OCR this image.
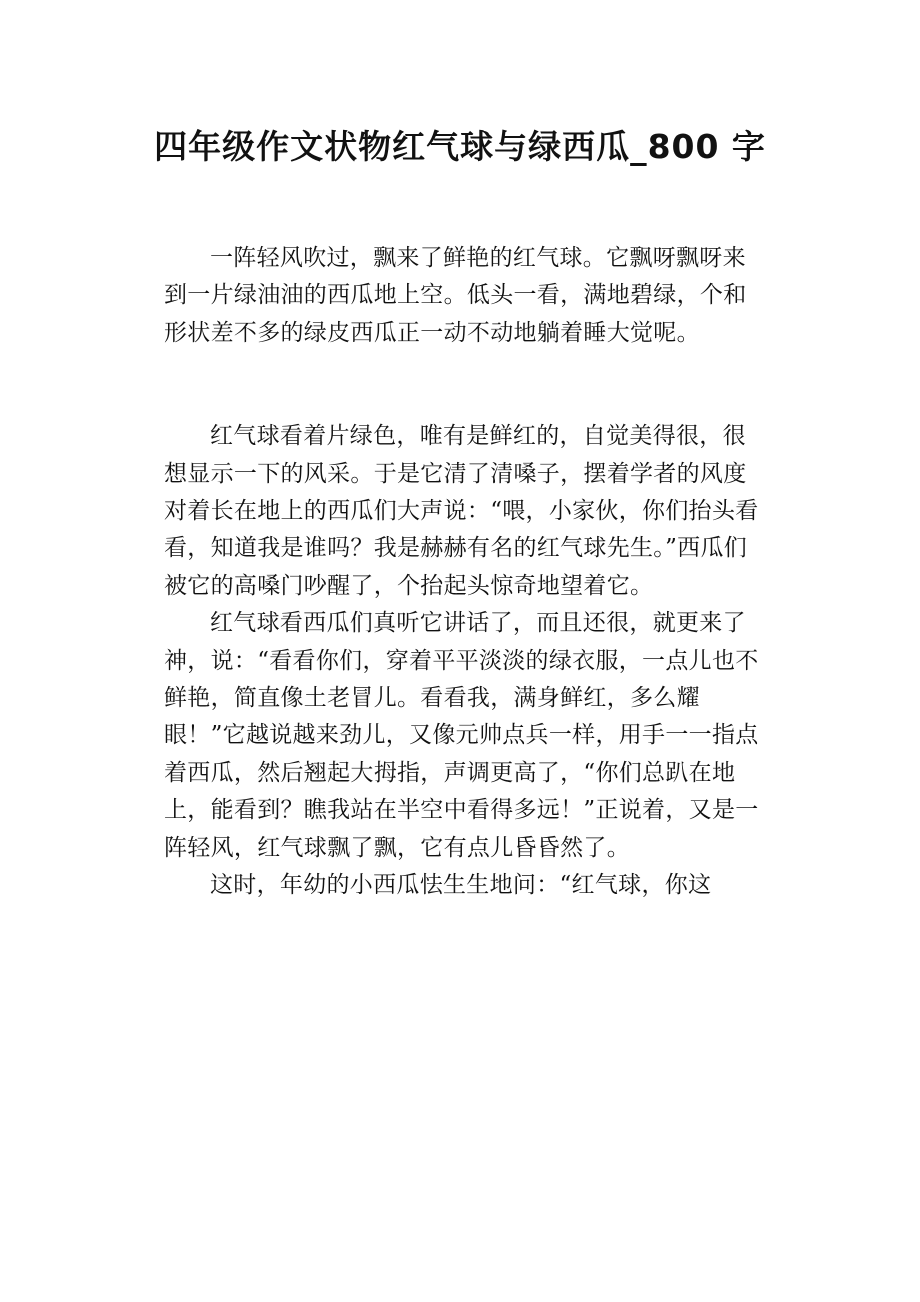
四年级作文状物红气球与绿西瓜_800 字

一阵轻风吹过，飘来了鲜艳的红气球。它飘呀飘呀来到一片绿油油的西瓜地上空。低头一看，满地碧绿，个和形状差不多的绿皮西瓜正一动不动地躺着睡大觉呢。

红气球看着片绿色，唯有是鲜红的，自觉美得很，很想显示一下的风采。于是它清了清嗓子，摆着学者的风度对着长在地上的西瓜们大声说：“喂，小家伙，你们抬头看看，知道我是谁吗？我是赫赫有名的红气球先生。”西瓜们被它的高嗓门吵醒了，个抬起头惊奇地望着它。

红气球看西瓜们真听它讲话了，而且还很，就更来了神，说：“看看你们，穿着平平淡淡的绿衣服，一点儿也不鲜艳，简直像土老冒儿。看看我，满身鲜红，多么耀眼！”它越说越来劲儿，又像元帅点兵一样，用手一一指点着西瓜，然后翘起大拇指，声调更高了，“你们总趴在地上，能看到？瞧我站在半空中看得多远！”正说着，又是一阵轻风，红气球飘了飘，它有点儿昏昏然了。

这时，年幼的小西瓜怯生生地问：“红气球，你这
